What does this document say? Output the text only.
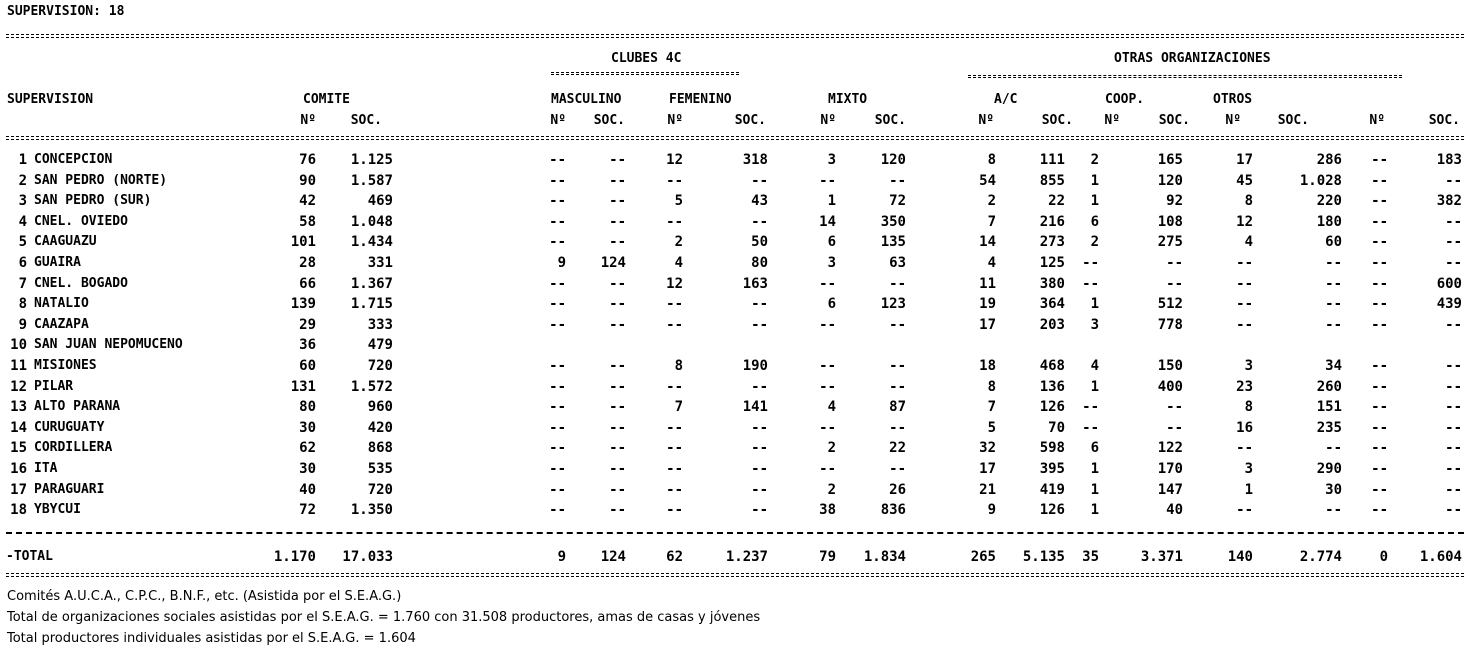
SUPERVISION: 18
CLUBES 4C	OTRAS ORGANIZACIONES
SUPERVISION	COMITE	MASCULINO	FEMENINO	MIXTO	A/C	COOP.	OTROS
Nº	SOC.	Nº SOC.	Nº	SOC.	Nº	SOC.	Nº	SOC. Nº	SOC.	Nº	SOC.	Nº	SOC.
1 CONCEPCION	76 1.125	--	--	12	318	3	120	8	111 2	165	17	286 --	183
2 SAN PEDRO (NORTE)	90 1.587	--	--	--	--	--	--	54	855 1	120	45	1.028 --	--
3 SAN PEDRO (SUR)	42	469	--	--	5	43	1	72	2	22 1	92	8	220 --	382
4 CNEL. OVIEDO	58 1.048	--	--	--	--	14	350	7	216 6	108	12	180 --	--
5 CAAGUAZU	101 1.434	--	--	2	50	6	135	14	273 2	275	4	60 --	--
6 GUAIRA	28	331	9 124	4	80	3	63	4	125 --	--	--	-- --	--
7 CNEL. BOGADO	66 1.367	--	--	12	163	--	--	11	380 --	--	--	-- --	600
8 NATALIO	139 1.715	--	--	--	--	6	123	19	364 1	512	--	-- --	439
9 CAAZAPA	29	333	--	--	--	--	--	--	17	203 3	778	--	-- --	--
10 SAN JUAN NEPOMUCENO	36	479
11 MISIONES	60	720	--	--	8	190	--	--	18	468 4	150	3	34 --	--
12 PILAR	131 1.572	--	--	--	--	--	--	8	136 1	400	23	260 --	--
13 ALTO PARANA	80	960	--	--	7	141	4	87	7	126 --	--	8	151 --	--
14 CURUGUATY	30	420	--	--	--	--	--	--	5	70 --	--	16	235 --	--
15 CORDILLERA	62	868	--	--	--	--	2	22	32	598 6	122	--	-- --	--
16 ITA	30	535	--	--	--	--	--	--	17	395 1	170	3	290 --	--
17 PARAGUARI	40	720	--	--	--	--	2	26	21	419 1	147	1	30 --	--
18 YBYCUI	72 1.350	--	--	--	--	38	836	9	126 1	40	--	-- --	--
-TOTAL	1.170 17.033	9 124	62	1.237	79 1.834	265 5.135 35	3.371	140	2.774	0 1.604
Comités A.U.C.A., C.P.C., B.N.F., etc. (Asistida por el S.E.A.G.)
Total de organizaciones sociales asistidas por el S.E.A.G. = 1.760 con 31.508 productores, amas de casas y jóvenes
Total productores individuales asistidas por el S.E.A.G. = 1.604
